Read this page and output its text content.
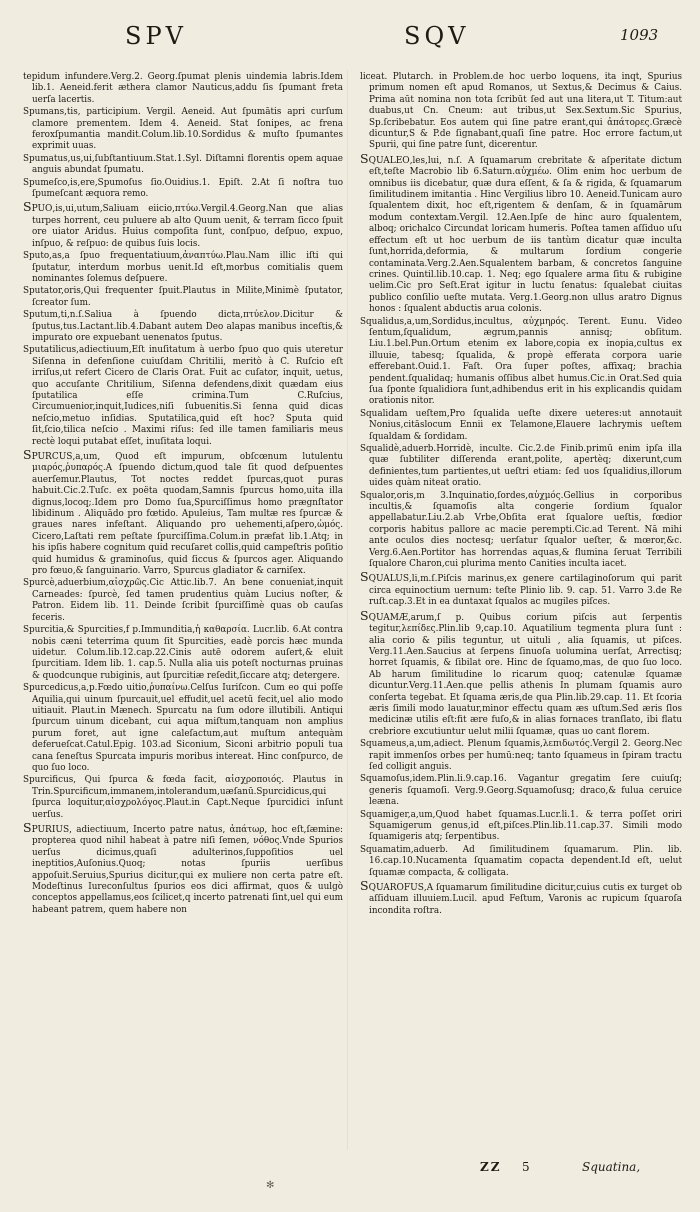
SPV	SQV	1093

tepidum infundere.Verg.2. Georg.ſpumat plenis uindemia labris.Idem lib.1. Aeneid.ferit æthera clamor Nauticus,addu ſis ſpumant freta uerſa lacertis.

Spumans,tis, participium. Vergil. Aeneid. Aut ſpumātis apri curſum clamore prementem. Idem 4. Aeneid. Stat ſonipes, ac frena feroxſpumantia mandit.Colum.lib.10.Sordidus & muſto ſpumantes exprimit uuas.

Spumatus,us,ui,ſubſtantiuum.Stat.1.Syl. Diſtamni florentis opem aquae anguis abundat ſpumatu.

Spumeſco,is,ere,Spumoſus ſio.Ouidius.1. Epiſt. 2.At ſi noſtra tuo ſpumeſcant æquora remo.

Spuo,is,ui,utum,Saliuam eiicio,πτύω.Vergil.4.Georg.Nan que alias turpes horrent, ceu puluere ab alto Quum uenit, & terram ſicco ſpuit ore uiator Aridus. Huius compoſita ſunt, conſpuo, deſpuo, expuo, inſpuo, & reſpuo: de quibus ſuis locis.

Sputo,as,a ſpuo frequentatiuum,ἀναπτύω.Plau.Nam illic iſti qui ſputatur, interdum morbus uenit.Id eſt,morbus comitialis quem nominantes ſolemus deſpuere.

Sputator,oris,Qui frequenter ſpuit.Plautus in Milite,Minimè ſputator, ſcreator ſum.

Sputum,ti,n.ſ.Saliua à ſpuendo dicta,πτύελον.Dicitur & ſputus,tus.Lactant.lib.4.Dabant autem Deo alapas manibus inceſtis,& impurato ore expuebant uenenatos ſputus.

Sputatilicus,adiectiuum,Eſt inuſitatum à uerbo ſpuo quo quis uteretur Siſenna in defenſione cuiuſdam Chritilii, meritò à C. Ruſcio eſt irriſus,ut refert Cicero de Claris Orat. Fuit ac cuſator, inquit, uetus, quo accuſante Chritilium, Siſenna defendens,dixit quædam eius ſputatilica eſſe crimina.Tum C.Ruſcius, Circumuenior,inquit,Iudices,niſi ſubuenitis.Si ſenna quid dicas neſcio,metuo inſidias. Sputatilica,quid eſt hoc? Sputa quid ſit,ſcio,tilica neſcio . Maximi riſus: ſed ille tamen familiaris meus rectè loqui putabat eſſet, inuſitata loqui.

Spurcus,a,um, Quod eſt impurum, obſcœnum lutulentu μιαρός,ῥυπαρός.A ſpuendo dictum,quod tale ſit quod deſpuentes auerſemur.Plautus, Tot noctes reddet ſpurcas,quot puras habuit.Cic.2.Tuſc. ex poëta quodam,Samnis ſpurcus homo,uita illa dignus,locoq;.Idem pro Domo ſua,Spurciſſimus homo prægnſtator libidinum . Aliquādo pro fœtido. Apuleius, Tam multæ res ſpurcæ & graues nares infeſtant. Aliquando pro uehementi,aſpero,ὠμός. Cicero,Laſtati rem peſtate ſpurciſſima.Colum.in præfat lib.1.Atq; in his ipſis habere cognitum quid recuſaret collis,quid campeſtris poſitio quid humidus & graminoſus, quid ſiccus & ſpurcos ager. Aliquando pro fœuo,& ſanguinario. Varro, Spurcus gladiator & carniſex.

Spurcè,aduerbium,αἰσχρῶς.Cic Attic.lib.7. An bene conueniat,inquit Carneades: ſpurcè, ſed tamen prudentius quàm Lucius noſter, & Patron. Eidem lib. 11. Deinde ſcribit ſpurciſſimè quas ob cauſas feceris.

Spurcitia,& Spurcities,f p.Immunditia,ἡ καθαρσία. Lucr.lib. 6.At contra nobis cæni teterrima quum ſit Spurcities, eadè porcis hæc munda uidetur. Colum.lib.12.cap.22.Cinis autē odorem auſert,& eluit ſpurcitiam. Idem lib. 1. cap.5. Nulla alia uis poteſt nocturnas pruinas & quodcunque rubiginis, aut ſpurcitiæ reſedit,ſiccare atq; detergere.

Spurcedicus,a,p.Fœdo uitio,ῥυπαίνω.Celſus Iuriſcon. Cum eo qui poſſe Aquilia,qui uinum ſpurcauit,uel effudit,uel acetū fecit,uel alio modo uitiauit. Plaut.in Mænech. Spurcatu na ſum odore illutibili. Antiqui ſpurcum uinum dicebant, cui aqua miſtum,tanquam non amplius purum foret, aut igne caleſactum,aut muſtum antequàm deferueſcat.Catul.Epig. 103.ad Siconium, Siconi arbitrio populi tua cana ſeneſtus Spurcata impuris moribus intereat. Hinc conſpurco, de quo ſuo loco.

Spurcificus, Qui ſpurca & fœda facit, αἰσχροποιός. Plautus in Trin.Spurcificum,immanem,intolerandum,uæſanū.Spurcidicus,qui ſpurca loquitur,αἰσχρολόγος.Plaut.in Capt.Neque ſpurcidici inſunt uerſus.

Spurius, adiectiuum, Incerto patre natus, ἀπάτωρ, hoc eſt,ſæmine: propterea quod nihil habeat à patre niſi ſemen, νόθος.Vnde Spurios uerſus dicimus,quaſi adulterinos,ſuppoſitios uel ineptitios,Auſonius.Quoq; notas ſpuriis uerſibus appoſuit.Seruius,Spurius dicitur,qui ex muliere non certa patre eſt. Modeſtinus Iureconſultus ſpurios eos dici affirmat, quos & uulgò conceptos appellamus,eos ſcilicet,q incerto patrenati ſint,uel qui eum habeant patrem, quem habere non

liceat. Plutarch. in Problem.de hoc uerbo loquens, ita inqt, Spurius primum nomen eſt apud Romanos, ut Sextus,& Decimus & Caius. Prima aūt nomina non tota ſcribūt ſed aut una litera,ut T. Titum:aut duabus,ut Cn. Cneum: aut tribus,ut Sex.Sextum.Sic Spurius, Sp.ſcribebatur. Eos autem qui ſine patre erant,qui ἀπάτορες.Græcè dicuntur,S & P.de ſignabant,quaſi ſine patre. Hoc errore factum,ut Spurii, qui ſine patre ſunt, dicerentur.

Squaleo,les,lui, n.ſ. A ſquamarum crebritate & aſperitate dictum eſt,teſte Macrobio lib 6.Saturn.αὐχμέω. Olim enim hoc uerbum de omnibus iis dicebatur, quæ dura eſſent, & ſa & rigida, & ſquamarum ſimilitudinem imitantia . Hinc Vergilius libro 10. Aeneid.Tunicam auro ſqualentem dixit, hoc eſt,rigentem & denſam, & in ſquamārum modum contextam.Vergil. 12.Aen.Ipſe de hinc auro ſqualentem, alboq; orichalco Circundat loricam humeris. Poſtea tamen aſſiduo uſu effectum eſt ut hoc uerbum de iis tantùm dicatur quæ inculta ſunt,horrida,deformia, & multarum ſordium congerie contaminata.Verg.2.Aen.Squalentem barbam, & concretos ſanguine crines. Quintil.lib.10.cap. 1. Neq; ego ſqualere arma ſitu & rubigine uelim.Cic pro Seſt.Erat igitur in luctu ſenatus: ſqualebat ciuitas publico conſilio ueſte mutata. Verg.1.Georg.non ullus aratro Dignus honos : ſqualent abductis arua colonis.

Squalidus,a,um,Sordidus,incultus, αὐχμηρός. Terent. Eunu. Video ſentum,ſqualidum, ægrum,pannis annisq; obſitum. Liu.1.bel.Pun.Ortum etenim ex labore,copia ex inopia,cultus ex illuuie, tabesq; ſqualida, & propè efferata corpora uarie efferebant.Ouid.1. Faſt. Ora ſuper poſtes, affixaq; brachia pendent.ſqualidaq; humanis oſſibus albet humus.Cic.in Orat.Sed quia ſua ſponte ſqualidiora ſunt,adhibendus erit in his explicandis quidam orationis nitor.

Squalidam ueſtem,Pro ſqualida ueſte dixere ueteres:ut annotauit Nonius,citāslocum Ennii ex Telamone,Elauere lachrymis ueſtem ſqualdam & ſordidam.

Squalidè,aduerb.Horridè, inculte. Cic.2.de Finib.primū enim ipſa illa quæ ſubtiliter diſſerenda erant,polite, apertèq; dixerunt,cum definientes,tum partientes,ut ueſtri etiam: ſed uos ſqualidius,illorum uides quàm niteat oratio.

Squalor,oris,m 3.Inquinatio,ſordes,αὐχμός.Gellius in corporibus incultis,& ſquamoſis alta congerie ſordium ſqualor appellabatur.Liu.2.ab Vrbe,Obſita erat ſqualore ueſtis, fœdior corporis habitus pallore ac macie perempti.Cic.ad Terent. Nā mihi ante oculos dies noctesq; uerſatur ſqualor ueſter, & mœror,&c. Verg.6.Aen.Portitor has horrendas aquas,& flumina ſeruat Terribili ſqualore Charon,cui plurima mento Canities inculta iacet.

Squalus,li,m.ſ.Piſcis marinus,ex genere cartilaginoſorum qui parit circa equinoctium uernum: teſte Plinio lib. 9. cap. 51. Varro 3.de Re ruſt.cap.3.Et in ea duntaxat ſqualos ac mugiles piſces.

Squamæ,arum,ſ p. Quibus corium piſcis aut ſerpentis tegitur,λεπίδες.Plin.lib 9,cap.10. Aquatilium tegmenta plura ſunt : alia corio & pilis teguntur, ut uituli , alia ſquamis, ut piſces. Verg.11.Aen.Saucius at ſerpens ſinuoſa uolumina uerſat, Arrectisq; horret ſquamis, & ſibilat ore. Hinc de ſquamo,mas, de quo ſuo loco. Ab harum ſimilitudine lo ricarum quoq; catenulæ ſquamæ dicuntur.Verg.11.Aen.que pellis athenis In plumam ſquamis auro conſerta tegebat. Et ſquama æris,de qua Plin.lib.29.cap. 11. Et ſcoria æris ſimili modo lauatur,minor effectu quam æs uſtum.Sed æris ſlos medicinæ utilis eſt:fit ære fuſo,& in alias fornaces tranſlato, ibi flatu crebriore excutiuntur uelut milii ſquamæ, quas uo cant florem.

Squameus,a,um,adiect. Plenum ſquamis,λεπιδωτός.Vergil 2. Georg.Nec rapit immenſos orbes per humū:neq; tanto ſquameus in ſpiram tractu ſed colligit anguis.

Squamoſus,idem.Plin.li.9.cap.16. Vagantur gregatim ſere cuiuſq; generis ſquamoſi. Verg.9.Georg.Squamoſusq; draco,& fulua ceruice leæna.

Squamiger,a,um,Quod habet ſquamas.Lucr.li.1. & terra poſſet oriri Squamigerum genus,id eſt,piſces.Plin.lib.11.cap.37. Simili modo ſquamigeris atq; ſerpentibus.

Squamatim,aduerb. Ad ſimilitudinem ſquamarum. Plin. lib. 16.cap.10.Nucamenta ſquamatim copacta dependent.Id eſt, uelut ſquamæ compacta, & colligata.

Squarofus,A ſquamarum ſimilitudine dicitur,cuius cutis ex turget ob aſſiduam illuuiem.Lucil. apud Feſtum, Varonis ac rupicum ſquaroſa incondita roſtra.

ZZ 5	Squatina,
✻
